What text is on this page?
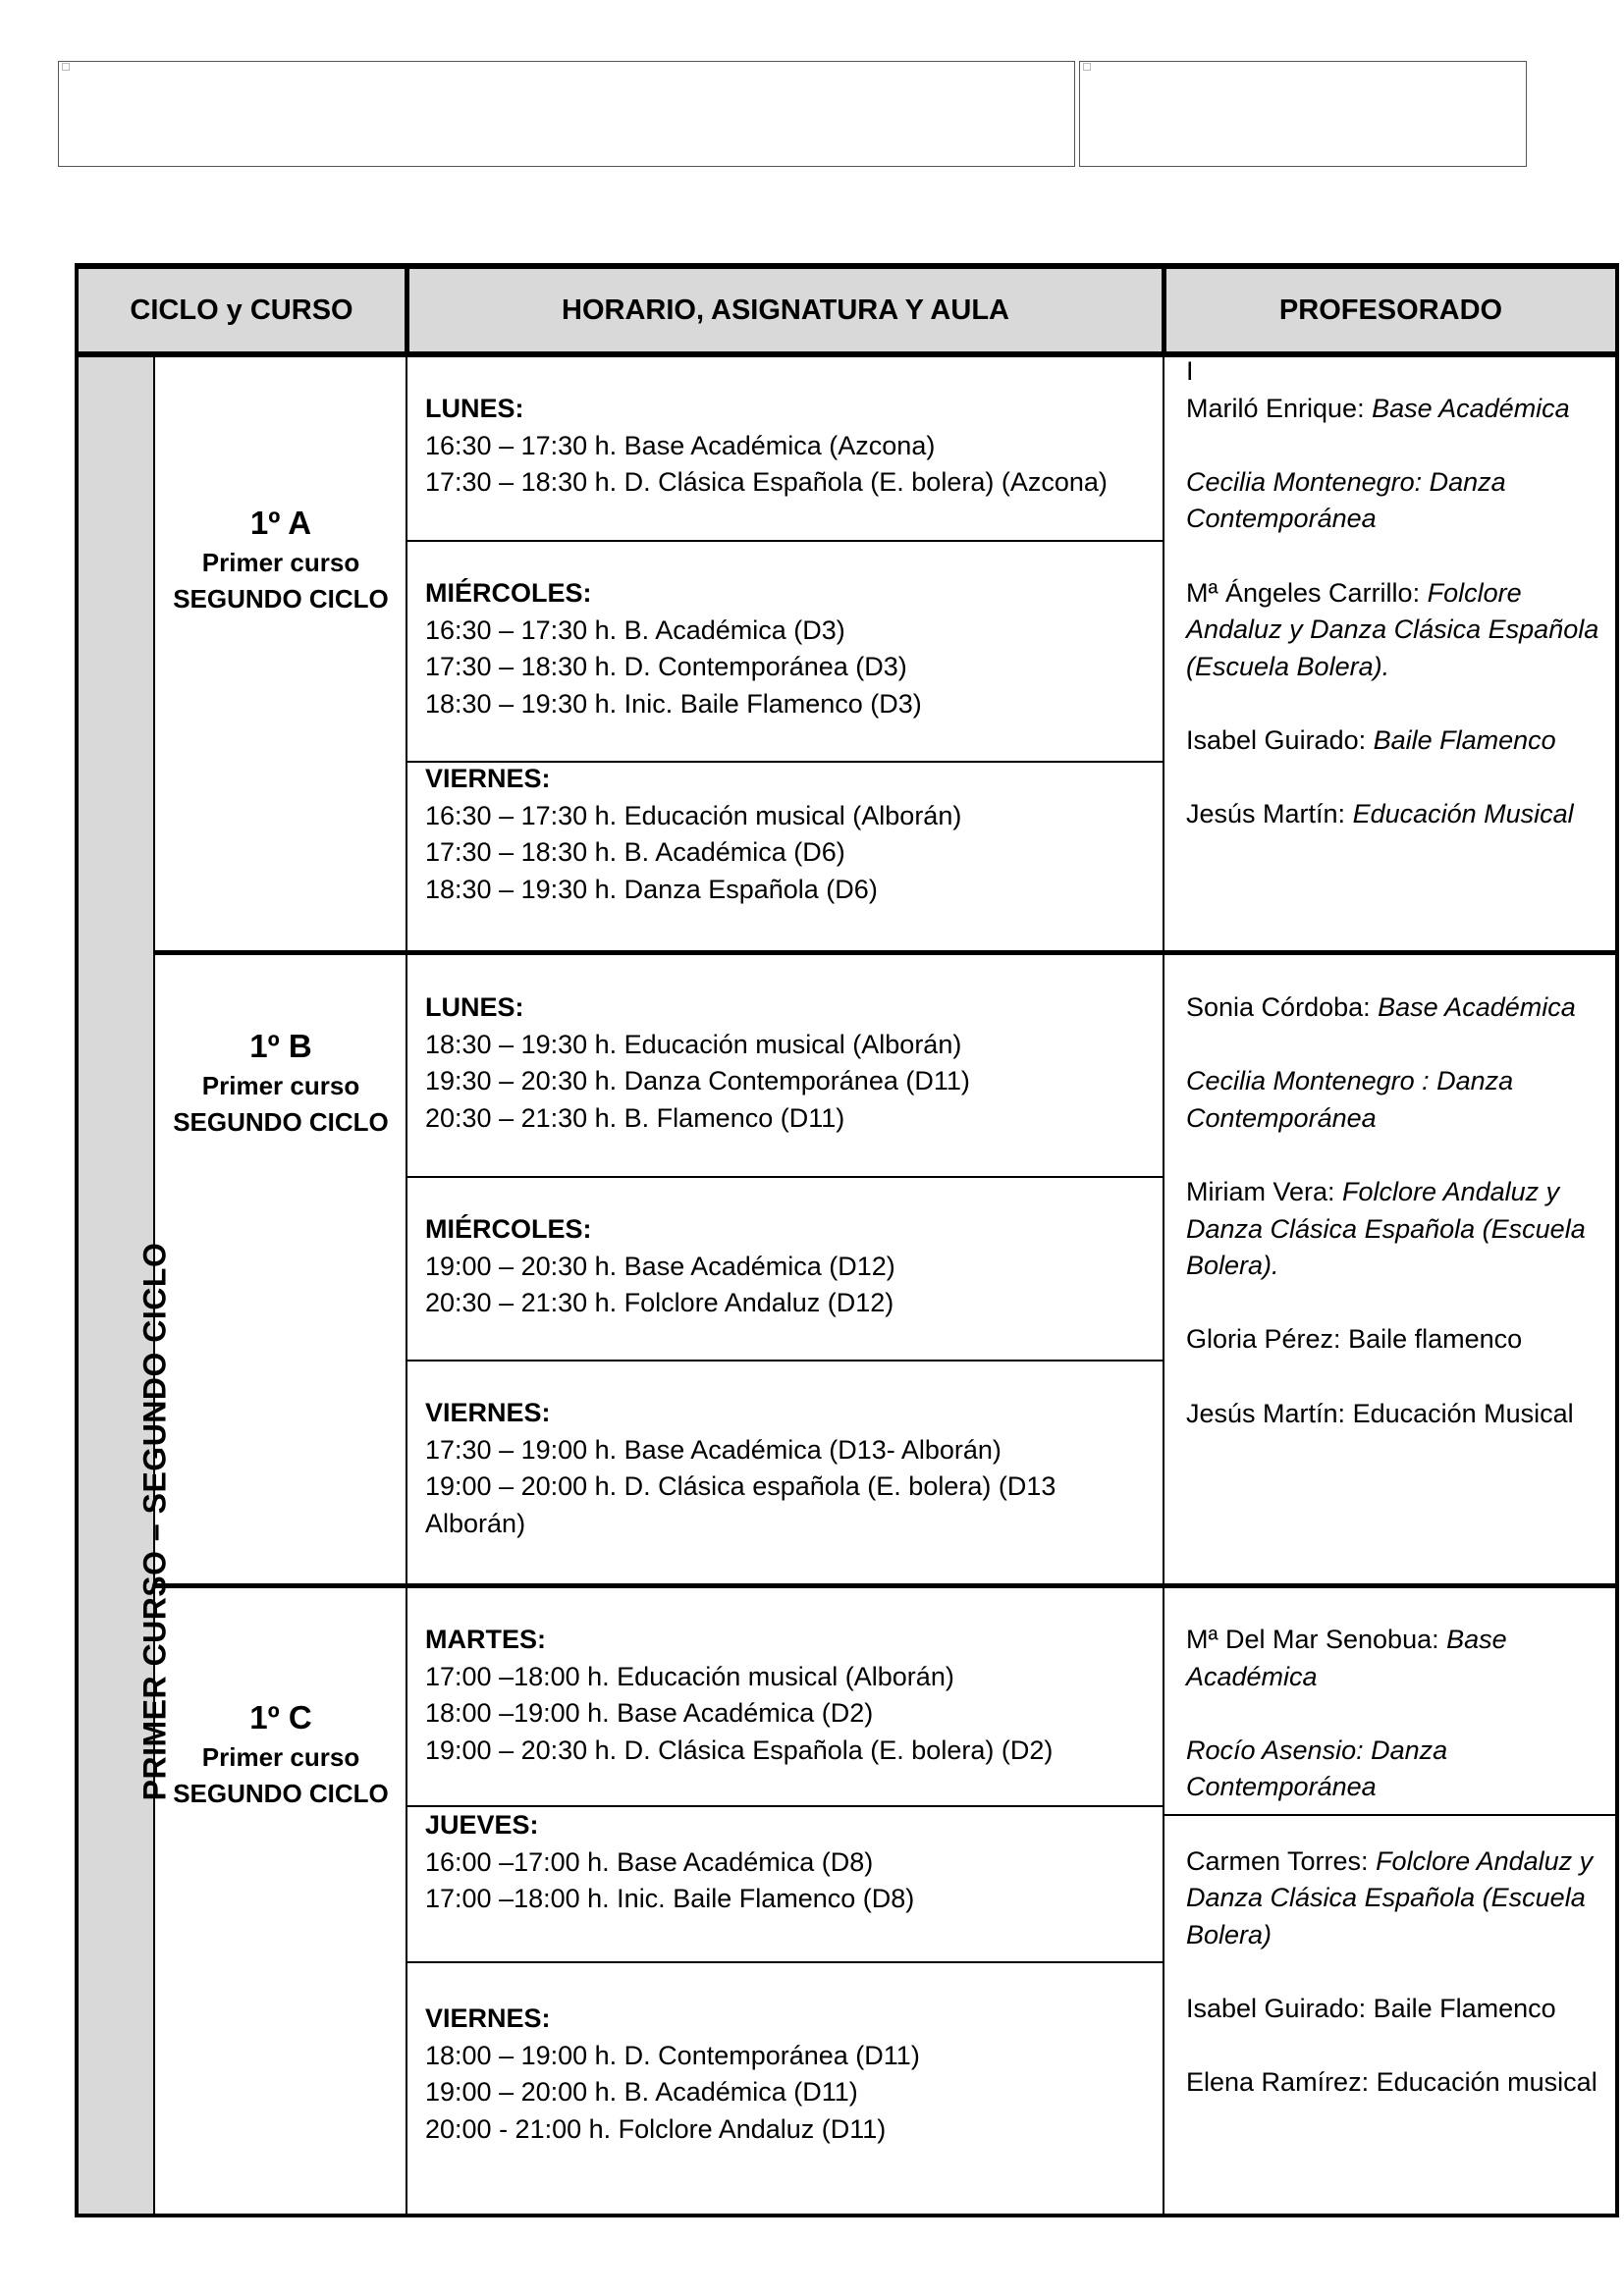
CICLO y CURSO	HORARIO, ASIGNATURA Y AULA	PROFESORADO
PRIMER CURSO – SEGUNDO CICLO
1º A
Primer curso
SEGUNDO CICLO
LUNES:
16:30 – 17:30 h. Base Académica (Azcona)
17:30 – 18:30 h. D. Clásica Española (E. bolera) (Azcona)
MIÉRCOLES:
16:30 – 17:30 h. B. Académica (D3)
17:30 – 18:30 h. D. Contemporánea (D3)
18:30 – 19:30 h. Inic. Baile Flamenco (D3)
VIERNES:
16:30 – 17:30 h. Educación musical (Alborán)
17:30 – 18:30 h. B. Académica (D6)
18:30 – 19:30 h. Danza Española (D6)
I
Mariló Enrique: Base Académica
Cecilia Montenegro: Danza Contemporánea
Mª Ángeles Carrillo: Folclore Andaluz y Danza Clásica Española (Escuela Bolera).
Isabel Guirado: Baile Flamenco
Jesús Martín: Educación Musical
1º B
Primer curso
SEGUNDO CICLO
LUNES:
18:30 – 19:30 h. Educación musical (Alborán)
19:30 – 20:30 h. Danza Contemporánea (D11)
20:30 – 21:30 h. B. Flamenco (D11)
MIÉRCOLES:
19:00 – 20:30 h. Base Académica (D12)
20:30 – 21:30 h. Folclore Andaluz (D12)
VIERNES:
17:30 – 19:00 h. Base Académica (D13- Alborán)
19:00 – 20:00 h. D. Clásica española (E. bolera) (D13 Alborán)
Sonia Córdoba: Base Académica
Cecilia Montenegro : Danza Contemporánea
Miriam Vera: Folclore Andaluz y Danza Clásica Española (Escuela Bolera).
Gloria Pérez: Baile flamenco
Jesús Martín: Educación Musical
1º C
Primer curso
SEGUNDO CICLO
MARTES:
17:00 –18:00 h. Educación musical (Alborán)
18:00 –19:00 h. Base Académica (D2)
19:00 – 20:30 h. D. Clásica Española (E. bolera) (D2)
JUEVES:
16:00 –17:00 h. Base Académica (D8)
17:00 –18:00 h. Inic. Baile Flamenco (D8)
VIERNES:
18:00 – 19:00 h. D. Contemporánea (D11)
19:00 – 20:00 h. B. Académica (D11)
20:00 - 21:00 h. Folclore Andaluz (D11)
Mª Del Mar Senobua: Base Académica
Rocío Asensio: Danza Contemporánea
Carmen Torres: Folclore Andaluz y Danza Clásica Española (Escuela Bolera)
Isabel Guirado: Baile Flamenco
Elena Ramírez: Educación musical
